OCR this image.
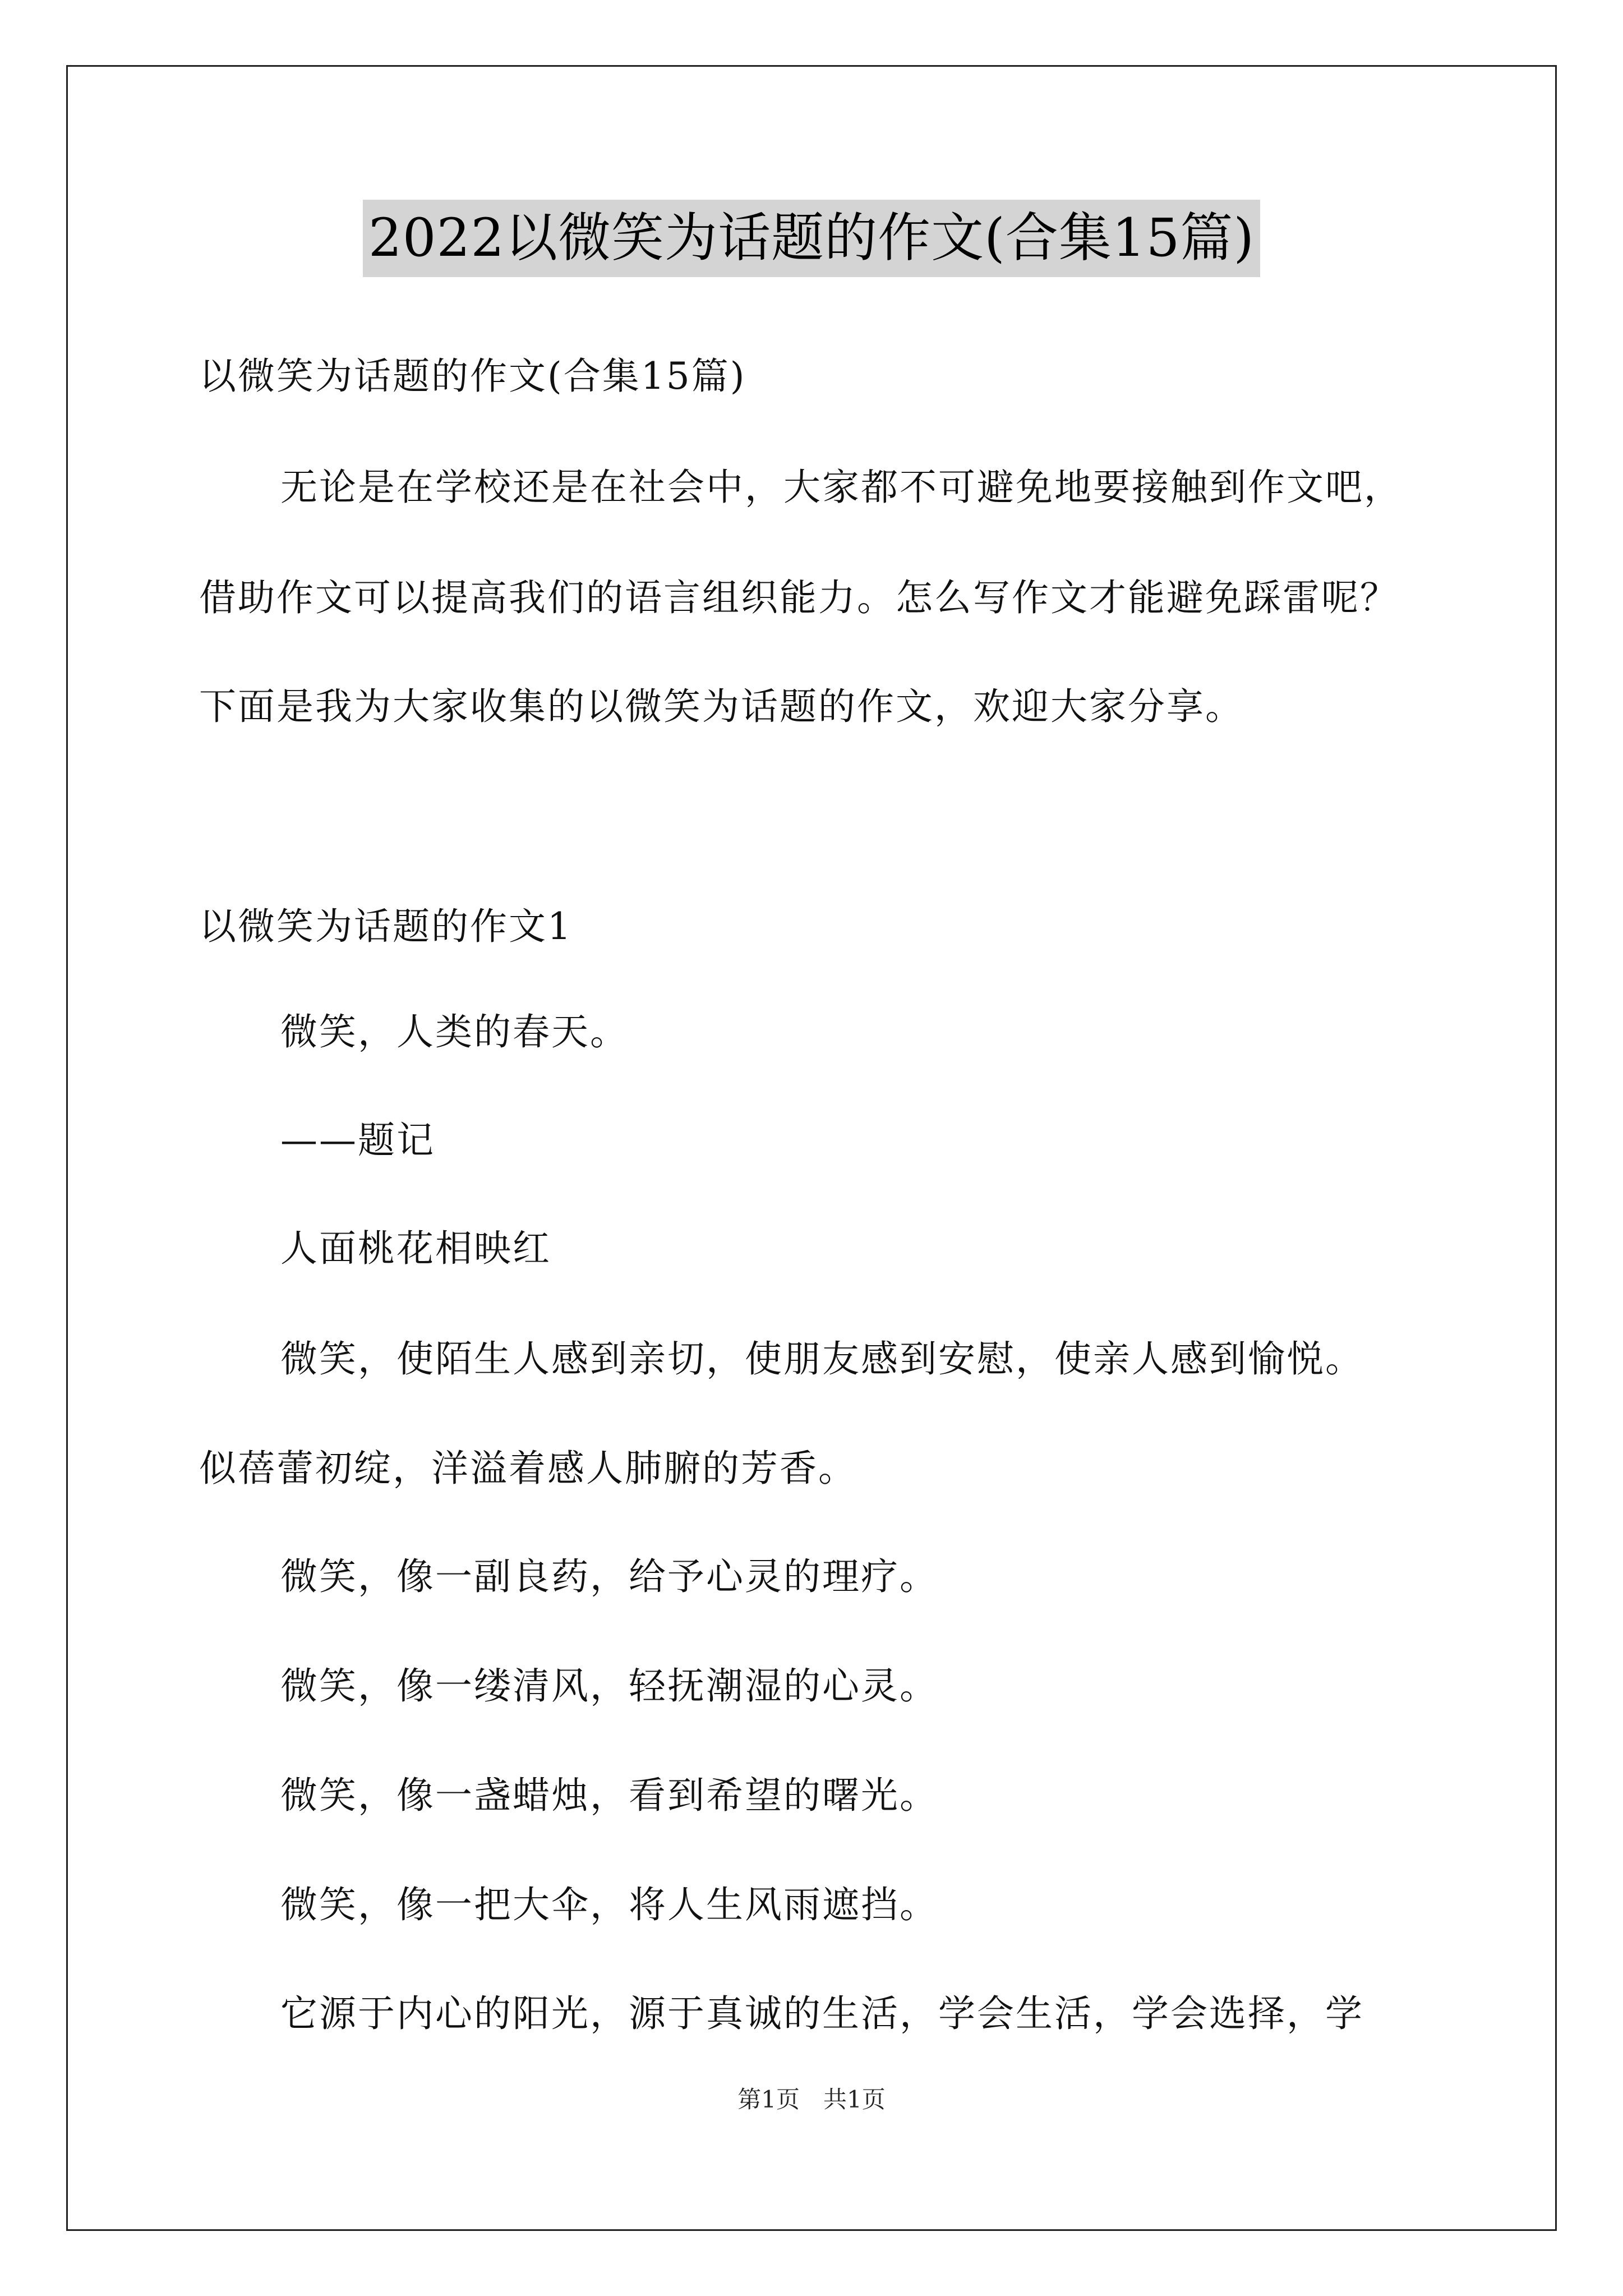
2022以微笑为话题的作文(合集15篇)
以微笑为话题的作文(合集15篇)
无论是在学校还是在社会中，大家都不可避免地要接触到作文吧，
借助作文可以提高我们的语言组织能力。怎么写作文才能避免踩雷呢？
下面是我为大家收集的以微笑为话题的作文，欢迎大家分享。
以微笑为话题的作文1
微笑，人类的春天。
——题记
人面桃花相映红
微笑，使陌生人感到亲切，使朋友感到安慰，使亲人感到愉悦。
似蓓蕾初绽，洋溢着感人肺腑的芳香。
微笑，像一副良药，给予心灵的理疗。
微笑，像一缕清风，轻抚潮湿的心灵。
微笑，像一盏蜡烛，看到希望的曙光。
微笑，像一把大伞，将人生风雨遮挡。
它源于内心的阳光，源于真诚的生活，学会生活，学会选择，学
第1页　共1页
